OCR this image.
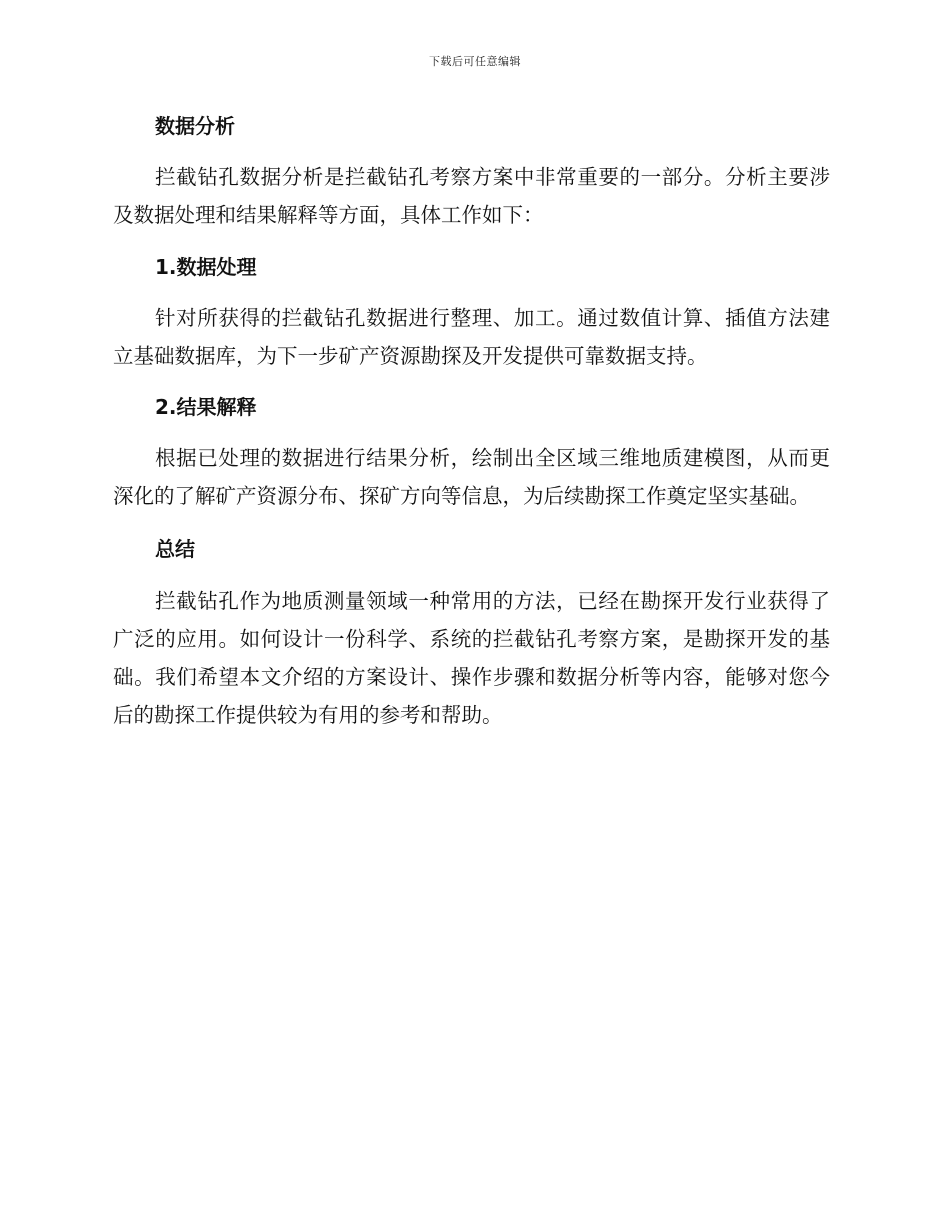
下载后可任意编辑
数据分析

拦截钻孔数据分析是拦截钻孔考察方案中非常重要的一部分。分析主要涉及数据处理和结果解释等方面，具体工作如下：

1.数据处理

针对所获得的拦截钻孔数据进行整理、加工。通过数值计算、插值方法建立基础数据库，为下一步矿产资源勘探及开发提供可靠数据支持。

2.结果解释

根据已处理的数据进行结果分析，绘制出全区域三维地质建模图，从而更深化的了解矿产资源分布、探矿方向等信息，为后续勘探工作奠定坚实基础。

总结

拦截钻孔作为地质测量领域一种常用的方法，已经在勘探开发行业获得了广泛的应用。如何设计一份科学、系统的拦截钻孔考察方案，是勘探开发的基础。我们希望本文介绍的方案设计、操作步骤和数据分析等内容，能够对您今后的勘探工作提供较为有用的参考和帮助。
